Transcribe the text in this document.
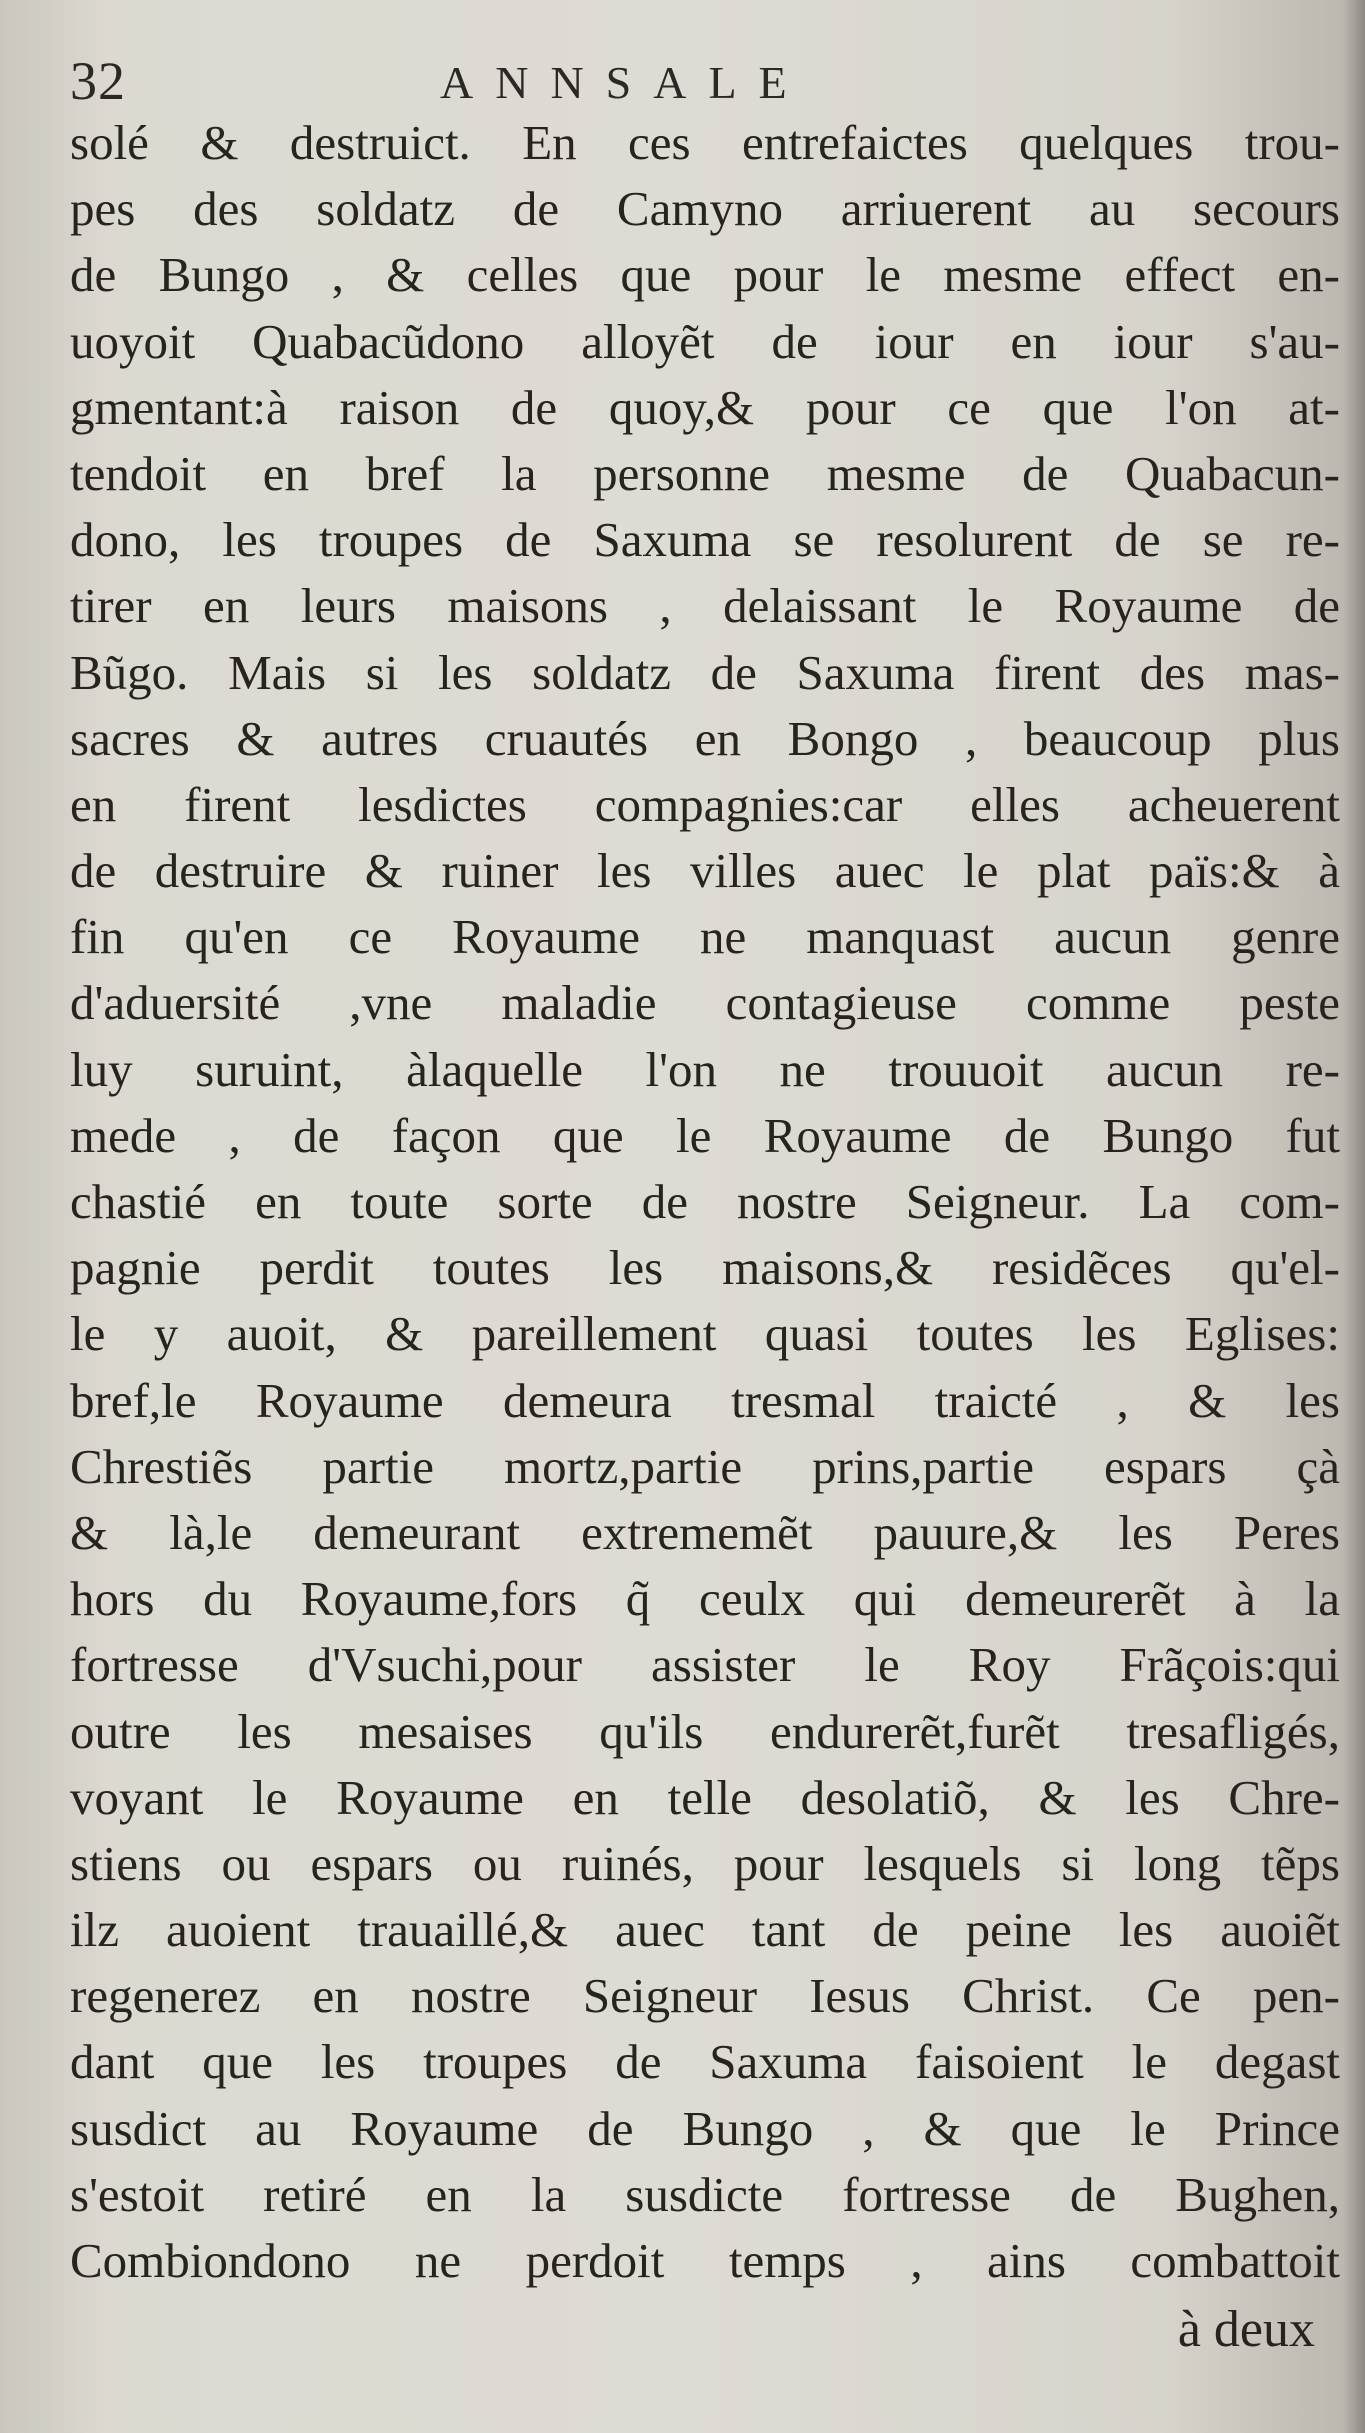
32	ANNSALE
solé & destruict. En ces entrefaictes quelques trou-
pes des soldatz de Camyno arriuerent au secours
de Bungo , & celles que pour le mesme effect en-
uoyoit Quabacũdono alloyẽt de iour en iour s'au-
gmentant:à raison de quoy,& pour ce que l'on at-
tendoit en bref la personne mesme de Quabacun-
dono, les troupes de Saxuma se resolurent de se re-
tirer en leurs maisons , delaissant le Royaume de
Bũgo. Mais si les soldatz de Saxuma firent des mas-
sacres & autres cruautés en Bongo , beaucoup plus
en firent lesdictes compagnies:car elles acheuerent
de destruire & ruiner les villes auec le plat païs:& à
fin qu'en ce Royaume ne manquast aucun genre
d'aduersité ,vne maladie contagieuse comme peste
luy suruint, àlaquelle l'on ne trouuoit aucun re-
mede , de façon que le Royaume de Bungo fut
chastié en toute sorte de nostre Seigneur. La com-
pagnie perdit toutes les maisons,& residẽces qu'el-
le y auoit, & pareillement quasi toutes les Eglises:
bref,le Royaume demeura tresmal traicté , & les
Chrestiẽs partie mortz,partie prins,partie espars çà
& là,le demeurant extrememẽt pauure,& les Peres
hors du Royaume,fors q̃ ceulx qui demeurerẽt à la
fortresse d'Vsuchi,pour assister le Roy Frãçois:qui
outre les mesaises qu'ils endurerẽt,furẽt tresafligés,
voyant le Royaume en telle desolatiõ, & les Chre-
stiens ou espars ou ruinés, pour lesquels si long tẽps
ilz auoient trauaillé,& auec tant de peine les auoiẽt
regenerez en nostre Seigneur Iesus Christ. Ce pen-
dant que les troupes de Saxuma faisoient le degast
susdict au Royaume de Bungo , & que le Prince
s'estoit retiré en la susdicte fortresse de Bughen,
Combiondono ne perdoit temps , ains combattoit
à deux
